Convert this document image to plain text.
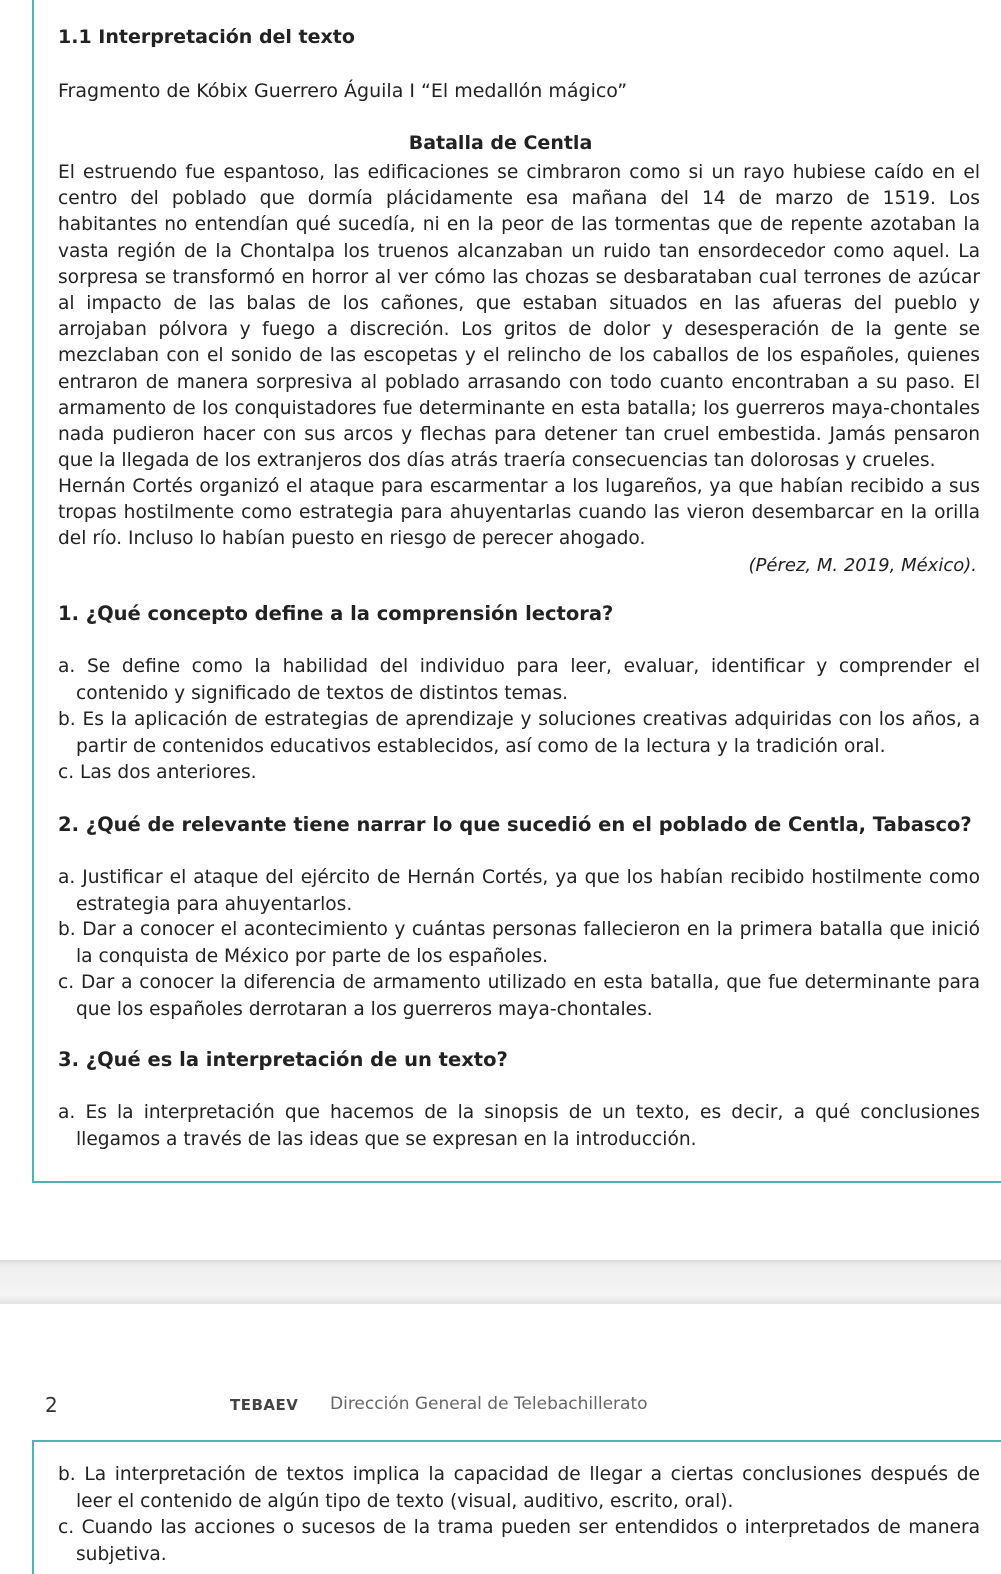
1.1 Interpretación del texto
Fragmento de Kóbix Guerrero Águila I “El medallón mágico”
Batalla de Centla

El estruendo fue espantoso, las edificaciones se cimbraron como si un rayo hubiese caído en el centro del poblado que dormía plácidamente esa mañana del 14 de marzo de 1519. Los habitantes no entendían qué sucedía, ni en la peor de las tormentas que de repente azotaban la vasta región de la Chontalpa los truenos alcanzaban un ruido tan ensordecedor como aquel. La sorpresa se transformó en horror al ver cómo las chozas se desbarataban cual terrones de azúcar al impacto de las balas de los cañones, que estaban situados en las afueras del pueblo y arrojaban pólvora y fuego a discreción. Los gritos de dolor y desesperación de la gente se mezclaban con el sonido de las escopetas y el relincho de los caballos de los españoles, quienes entraron de manera sorpresiva al poblado arrasando con todo cuanto encontraban a su paso. El armamento de los conquistadores fue determinante en esta batalla; los guerreros maya-chontales nada pudieron hacer con sus arcos y flechas para detener tan cruel embestida. Jamás pensaron que la llegada de los extranjeros dos días atrás traería consecuencias tan dolorosas y crueles.

Hernán Cortés organizó el ataque para escarmentar a los lugareños, ya que habían recibido a sus tropas hostilmente como estrategia para ahuyentarlas cuando las vieron desembarcar en la orilla del río. Incluso lo habían puesto en riesgo de perecer ahogado.

(Pérez, M. 2019, México).
1. ¿Qué concepto define a la comprensión lectora?

a. Se define como la habilidad del individuo para leer, evaluar, identificar y comprender el contenido y significado de textos de distintos temas.

b. Es la aplicación de estrategias de aprendizaje y soluciones creativas adquiridas con los años, a partir de contenidos educativos establecidos, así como de la lectura y la tradición oral.

c. Las dos anteriores.

2. ¿Qué de relevante tiene narrar lo que sucedió en el poblado de Centla, Tabasco?

a. Justificar el ataque del ejército de Hernán Cortés, ya que los habían recibido hostilmente como estrategia para ahuyentarlos.

b. Dar a conocer el acontecimiento y cuántas personas fallecieron en la primera batalla que inició la conquista de México por parte de los españoles.

c. Dar a conocer la diferencia de armamento utilizado en esta batalla, que fue determinante para que los españoles derrotaran a los guerreros maya-chontales.

3. ¿Qué es la interpretación de un texto?

a. Es la interpretación que hacemos de la sinopsis de un texto, es decir, a qué conclusiones llegamos a través de las ideas que se expresan en la introducción.

2	TEBAEV Dirección General de Telebachillerato

b. La interpretación de textos implica la capacidad de llegar a ciertas conclusiones después de leer el contenido de algún tipo de texto (visual, auditivo, escrito, oral).

c. Cuando las acciones o sucesos de la trama pueden ser entendidos o interpretados de manera subjetiva.
